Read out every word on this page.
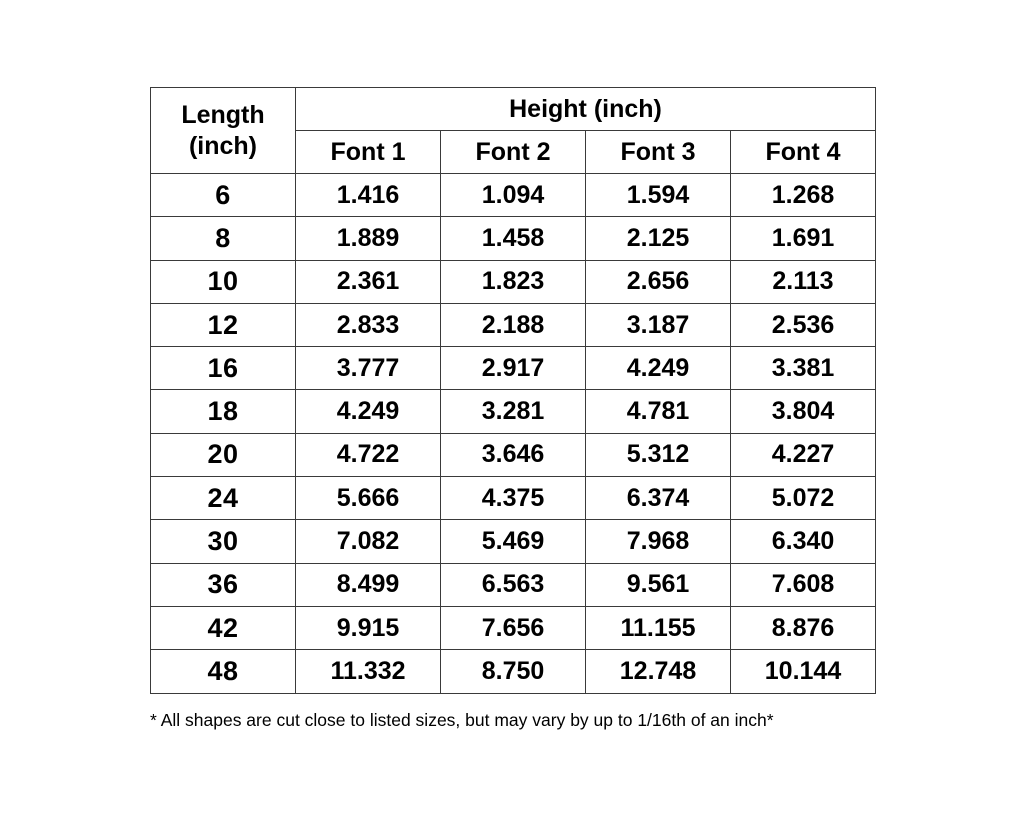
Length
(inch)	Height (inch)			
	Font 1	Font 2	Font 3	Font 4
6	1.416	1.094	1.594	1.268
8	1.889	1.458	2.125	1.691
10	2.361	1.823	2.656	2.113
12	2.833	2.188	3.187	2.536
16	3.777	2.917	4.249	3.381
18	4.249	3.281	4.781	3.804
20	4.722	3.646	5.312	4.227
24	5.666	4.375	6.374	5.072
30	7.082	5.469	7.968	6.340
36	8.499	6.563	9.561	7.608
42	9.915	7.656	11.155	8.876
48	11.332	8.750	12.748	10.144
* All shapes are cut close to listed sizes, but may vary by up to 1/16th of an inch*
